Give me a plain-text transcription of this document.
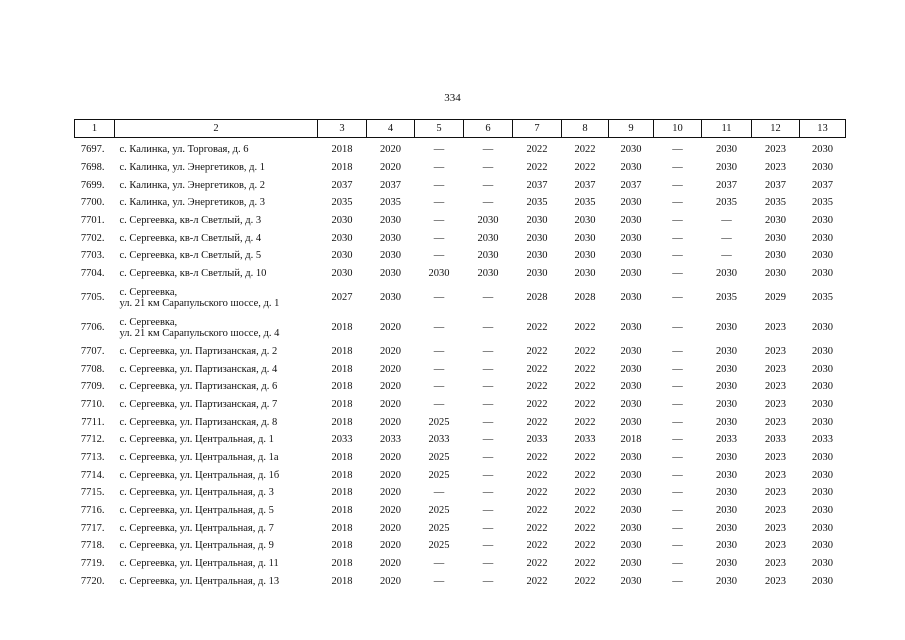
334
1	2	3	4	5	6	7	8	9	10	11	12	13
7697.	с. Калинка, ул. Торговая, д. 6	2018	2020	—	—	2022	2022	2030	—	2030	2023	2030
7698.	с. Калинка, ул. Энергетиков, д. 1	2018	2020	—	—	2022	2022	2030	—	2030	2023	2030
7699.	с. Калинка, ул. Энергетиков, д. 2	2037	2037	—	—	2037	2037	2037	—	2037	2037	2037
7700.	с. Калинка, ул. Энергетиков, д. 3	2035	2035	—	—	2035	2035	2030	—	2035	2035	2035
7701.	с. Сергеевка, кв-л Светлый, д. 3	2030	2030	—	2030	2030	2030	2030	—	—	2030	2030
7702.	с. Сергеевка, кв-л Светлый, д. 4	2030	2030	—	2030	2030	2030	2030	—	—	2030	2030
7703.	с. Сергеевка, кв-л Светлый, д. 5	2030	2030	—	2030	2030	2030	2030	—	—	2030	2030
7704.	с. Сергеевка, кв-л Светлый, д. 10	2030	2030	2030	2030	2030	2030	2030	—	2030	2030	2030
7705.	с. Сергеевка,
ул. 21 км Сарапульского шоссе, д. 1	2027	2030	—	—	2028	2028	2030	—	2035	2029	2035
7706.	с. Сергеевка,
ул. 21 км Сарапульского шоссе, д. 4	2018	2020	—	—	2022	2022	2030	—	2030	2023	2030
7707.	с. Сергеевка, ул. Партизанская, д. 2	2018	2020	—	—	2022	2022	2030	—	2030	2023	2030
7708.	с. Сергеевка, ул. Партизанская, д. 4	2018	2020	—	—	2022	2022	2030	—	2030	2023	2030
7709.	с. Сергеевка, ул. Партизанская, д. 6	2018	2020	—	—	2022	2022	2030	—	2030	2023	2030
7710.	с. Сергеевка, ул. Партизанская, д. 7	2018	2020	—	—	2022	2022	2030	—	2030	2023	2030
7711.	с. Сергеевка, ул. Партизанская, д. 8	2018	2020	2025	—	2022	2022	2030	—	2030	2023	2030
7712.	с. Сергеевка, ул. Центральная, д. 1	2033	2033	2033	—	2033	2033	2018	—	2033	2033	2033
7713.	с. Сергеевка, ул. Центральная, д. 1а	2018	2020	2025	—	2022	2022	2030	—	2030	2023	2030
7714.	с. Сергеевка, ул. Центральная, д. 1б	2018	2020	2025	—	2022	2022	2030	—	2030	2023	2030
7715.	с. Сергеевка, ул. Центральная, д. 3	2018	2020	—	—	2022	2022	2030	—	2030	2023	2030
7716.	с. Сергеевка, ул. Центральная, д. 5	2018	2020	2025	—	2022	2022	2030	—	2030	2023	2030
7717.	с. Сергеевка, ул. Центральная, д. 7	2018	2020	2025	—	2022	2022	2030	—	2030	2023	2030
7718.	с. Сергеевка, ул. Центральная, д. 9	2018	2020	2025	—	2022	2022	2030	—	2030	2023	2030
7719.	с. Сергеевка, ул. Центральная, д. 11	2018	2020	—	—	2022	2022	2030	—	2030	2023	2030
7720.	с. Сергеевка, ул. Центральная, д. 13	2018	2020	—	—	2022	2022	2030	—	2030	2023	2030
